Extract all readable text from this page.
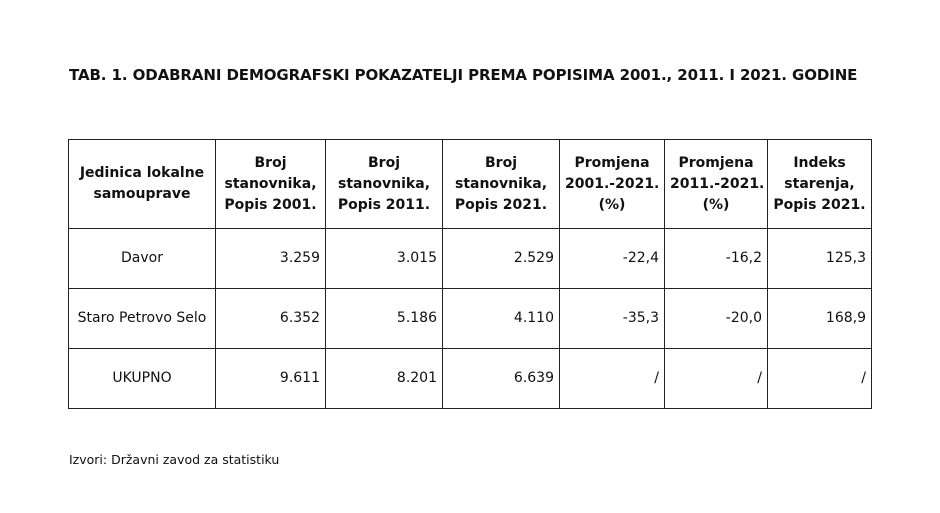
TAB. 1. ODABRANI DEMOGRAFSKI POKAZATELJI PREMA POPISIMA 2001., 2011. I 2021. GODINE
Jedinica lokalne samouprave	Broj stanovnika, Popis 2001.	Broj stanovnika, Popis 2011.	Broj stanovnika, Popis 2021.	Promjena 2001.-2021. (%)	Promjena 2011.-2021. (%)	Indeks starenja, Popis 2021.
Davor	3.259	3.015	2.529	-22,4	-16,2	125,3
Staro Petrovo Selo	6.352	5.186	4.110	-35,3	-20,0	168,9
UKUPNO	9.611	8.201	6.639	/	/	/
Izvori: Državni zavod za statistiku
